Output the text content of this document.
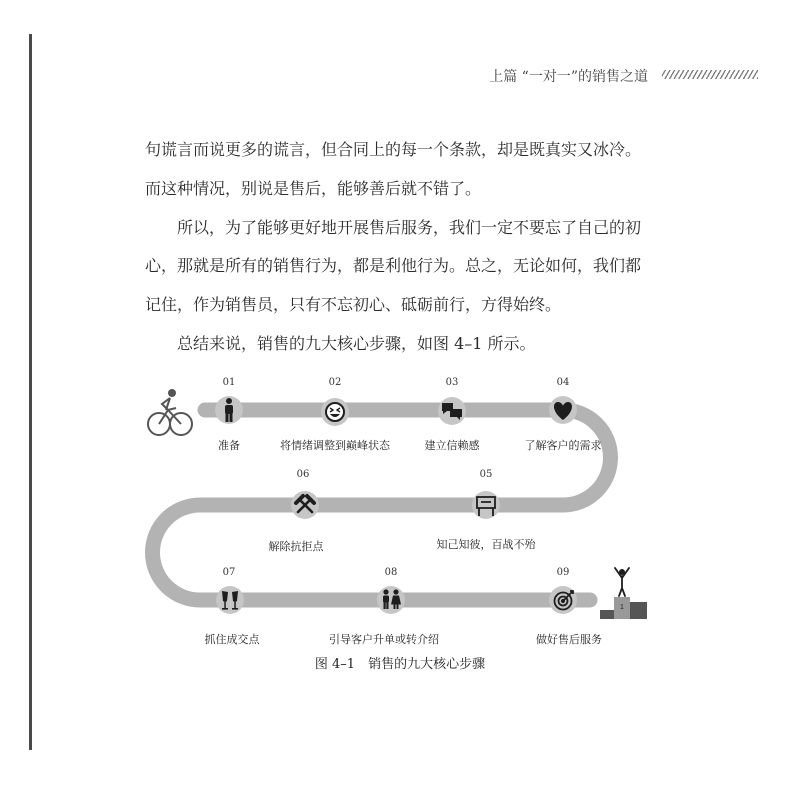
上篇 “一对一”的销售之道

句谎言而说更多的谎言，但合同上的每一个条款，却是既真实又冰冷。

而这种情况，别说是售后，能够善后就不错了。

所以，为了能够更好地开展售后服务，我们一定不要忘了自己的初

心，那就是所有的销售行为，都是利他行为。总之，无论如何，我们都

记住，作为销售员，只有不忘初心、砥砺前行，方得始终。

总结来说，销售的九大核心步骤，如图 4–1 所示。

1
01	02	03	04
05
06
07	08	09
准备	将情绪调整到巅峰状态	建立信赖感	了解客户的需求
知己知彼，百战不殆
解除抗拒点
抓住成交点	引导客户升单或转介绍	做好售后服务
图 4–1　销售的九大核心步骤
